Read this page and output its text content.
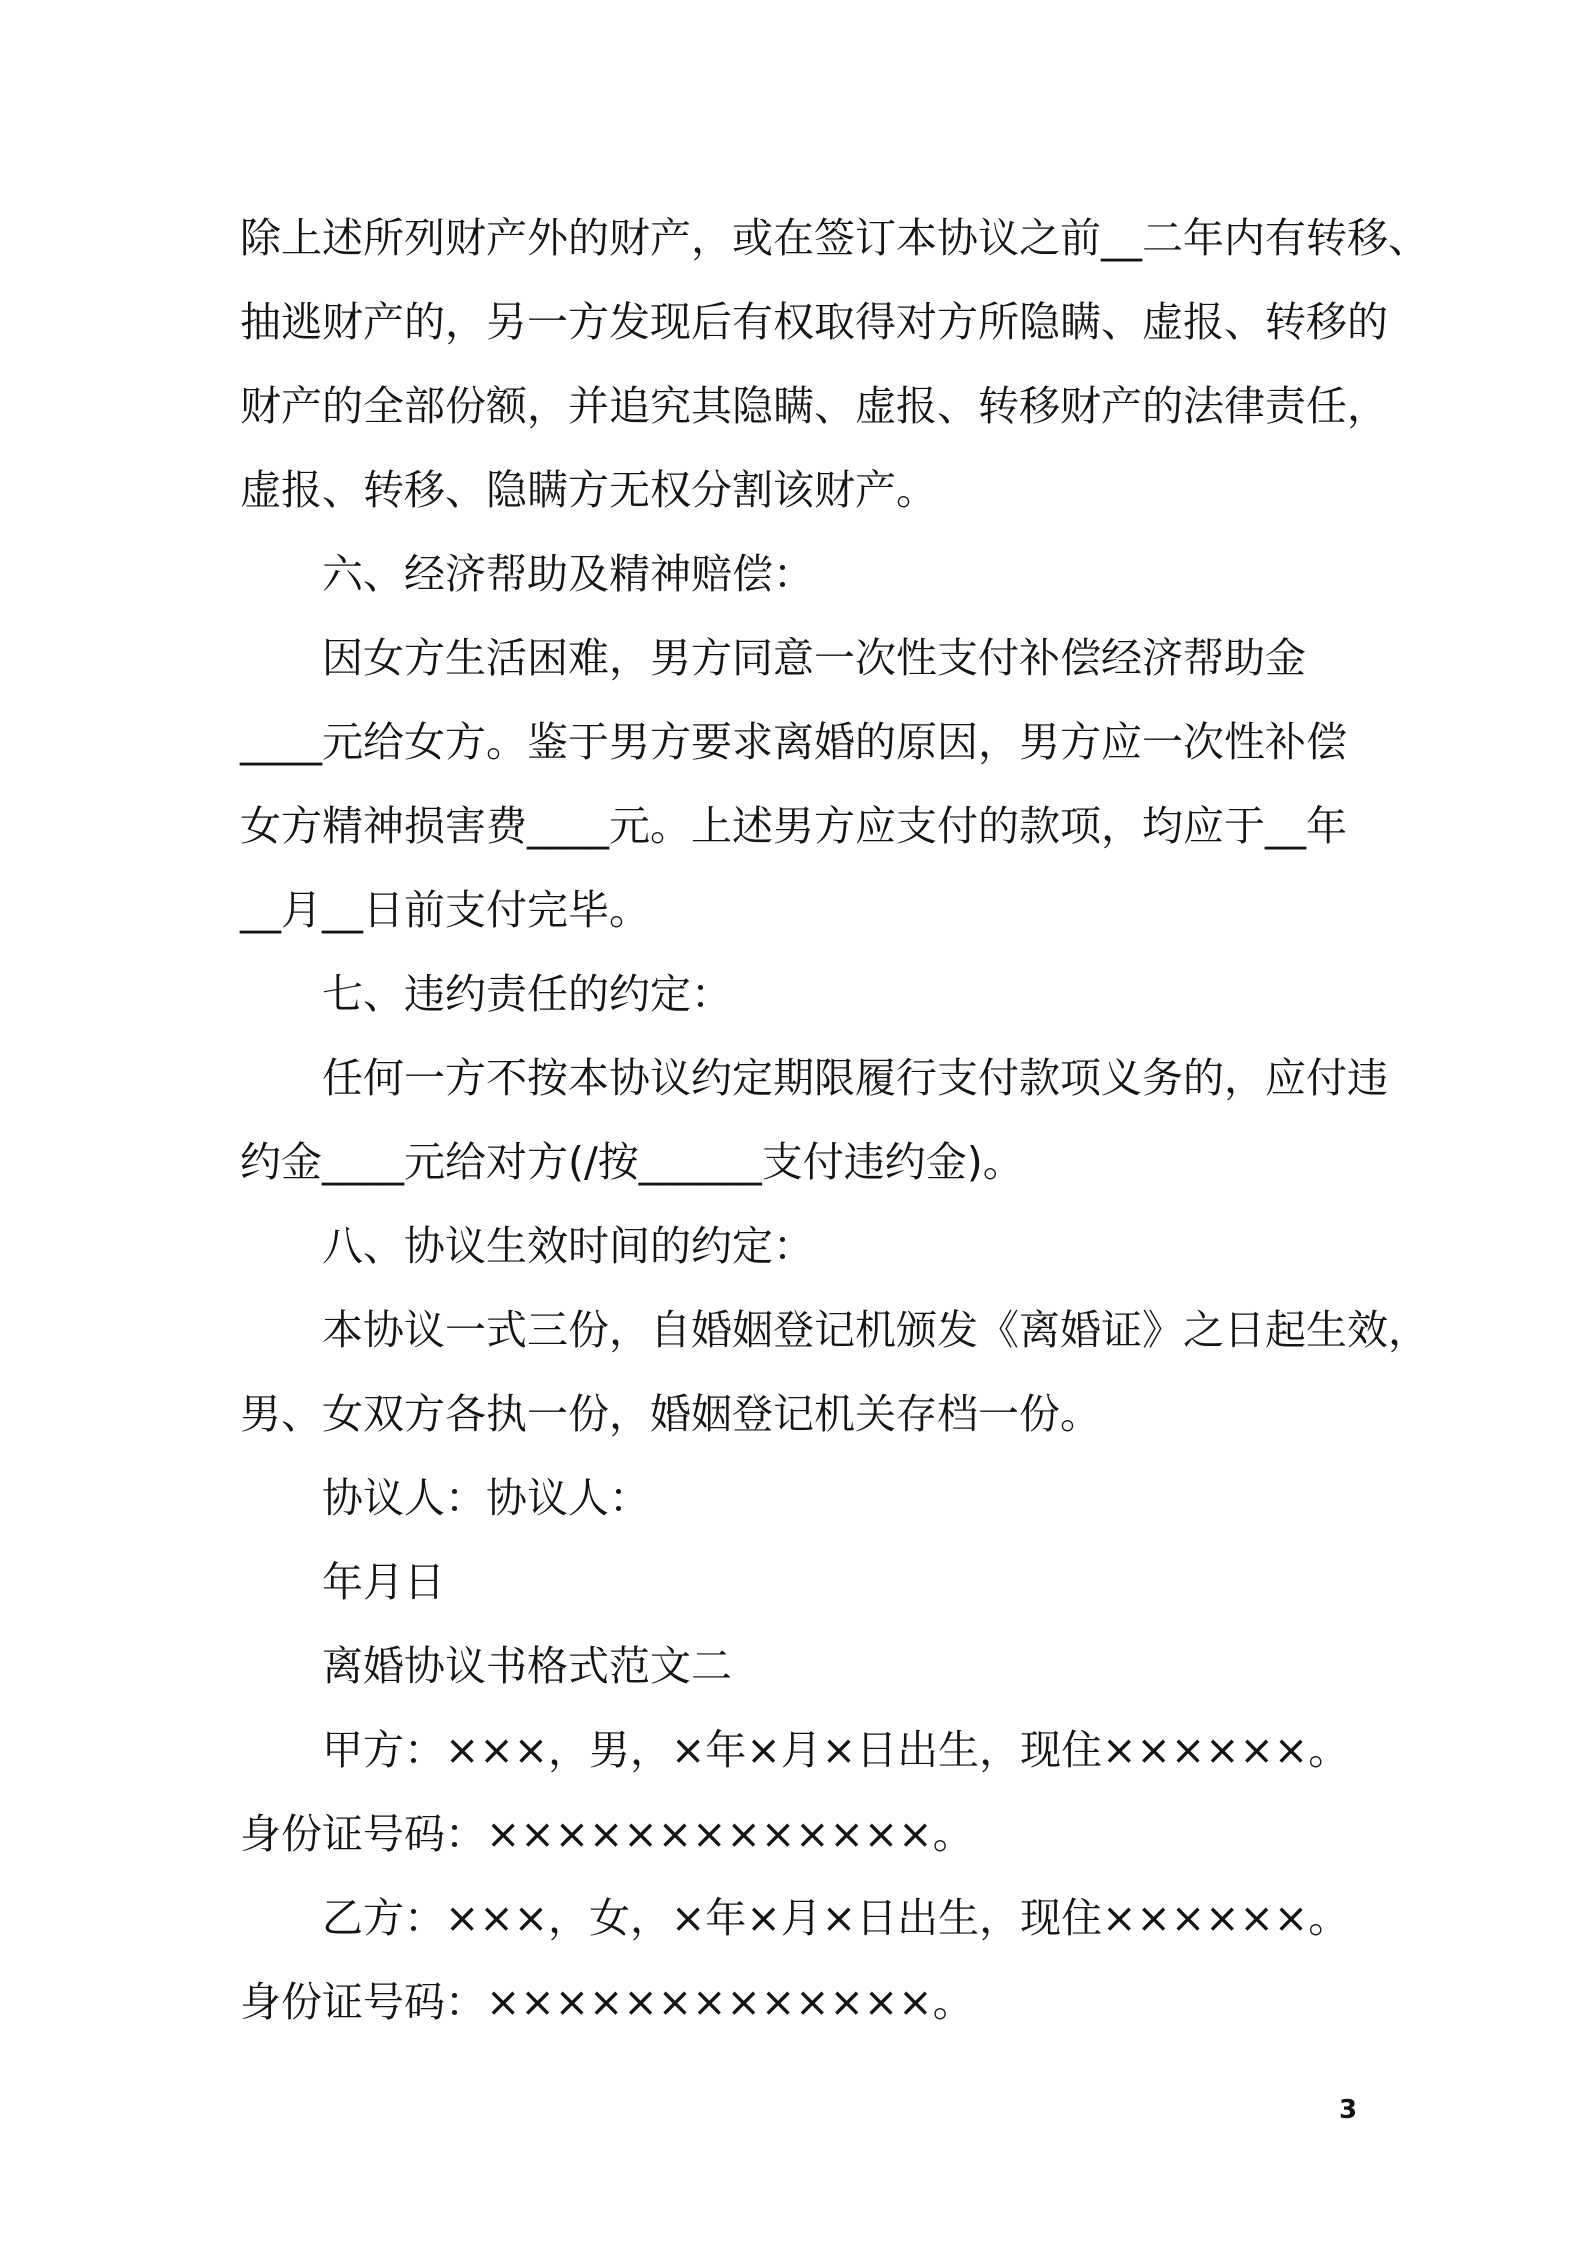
除上述所列财产外的财产，或在签订本协议之前__二年内有转移、
抽逃财产的，另一方发现后有权取得对方所隐瞒、虚报、转移的
财产的全部份额，并追究其隐瞒、虚报、转移财产的法律责任，
虚报、转移、隐瞒方无权分割该财产。
六、经济帮助及精神赔偿：
因女方生活困难，男方同意一次性支付补偿经济帮助金
____元给女方。鉴于男方要求离婚的原因，男方应一次性补偿
女方精神损害费____元。上述男方应支付的款项，均应于__年
__月__日前支付完毕。
七、违约责任的约定：
任何一方不按本协议约定期限履行支付款项义务的，应付违
约金____元给对方(/按______支付违约金)。
八、协议生效时间的约定：
本协议一式三份，自婚姻登记机颁发《离婚证》之日起生效，
男、女双方各执一份，婚姻登记机关存档一份。
协议人：协议人：
年月日
离婚协议书格式范文二
甲方：×××，男，×年×月×日出生，现住××××××。
身份证号码：×××××××××××××。
乙方：×××，女，×年×月×日出生，现住××××××。
身份证号码：×××××××××××××。
3
